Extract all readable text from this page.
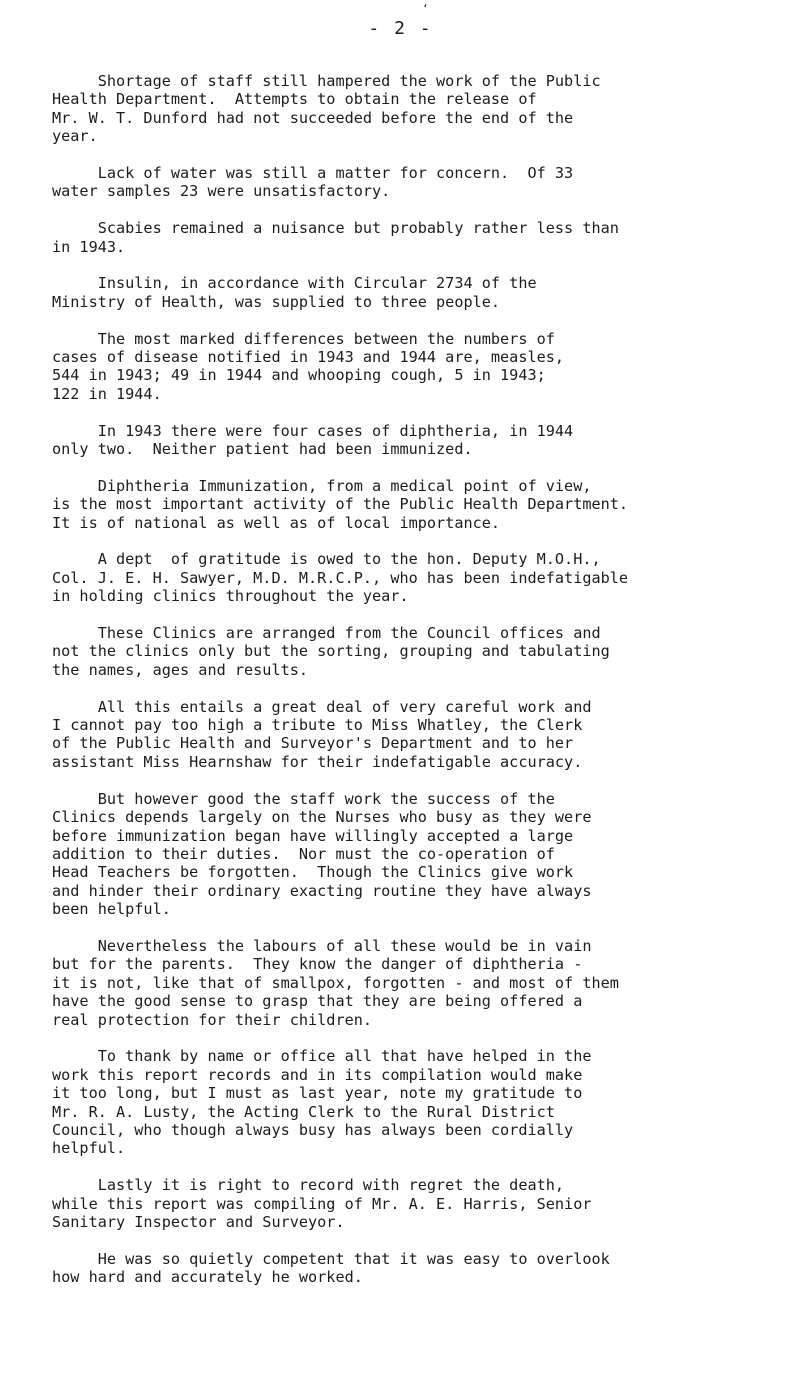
‘
- 2 -

Shortage of staff still hampered the work of the Public
Health Department.  Attempts to obtain the release of
Mr. W. T. Dunford had not succeeded before the end of the
year.

Lack of water was still a matter for concern.  Of 33
water samples 23 were unsatisfactory.

Scabies remained a nuisance but probably rather less than
in 1943.

Insulin, in accordance with Circular 2734 of the
Ministry of Health, was supplied to three people.

The most marked differences between the numbers of
cases of disease notified in 1943 and 1944 are, measles,
544 in 1943; 49 in 1944 and whooping cough, 5 in 1943;
122 in 1944.

In 1943 there were four cases of diphtheria, in 1944
only two.  Neither patient had been immunized.

Diphtheria Immunization, from a medical point of view,
is the most important activity of the Public Health Department.
It is of national as well as of local importance.

A dept  of gratitude is owed to the hon. Deputy M.O.H.,
Col. J. E. H. Sawyer, M.D. M.R.C.P., who has been indefatigable
in holding clinics throughout the year.

These Clinics are arranged from the Council offices and
not the clinics only but the sorting, grouping and tabulating
the names, ages and results.

All this entails a great deal of very careful work and
I cannot pay too high a tribute to Miss Whatley, the Clerk
of the Public Health and Surveyor's Department and to her
assistant Miss Hearnshaw for their indefatigable accuracy.

But however good the staff work the success of the
Clinics depends largely on the Nurses who busy as they were
before immunization began have willingly accepted a large
addition to their duties.  Nor must the co-operation of
Head Teachers be forgotten.  Though the Clinics give work
and hinder their ordinary exacting routine they have always
been helpful.

Nevertheless the labours of all these would be in vain
but for the parents.  They know the danger of diphtheria -
it is not, like that of smallpox, forgotten - and most of them
have the good sense to grasp that they are being offered a
real protection for their children.

To thank by name or office all that have helped in the
work this report records and in its compilation would make
it too long, but I must as last year, note my gratitude to
Mr. R. A. Lusty, the Acting Clerk to the Rural District
Council, who though always busy has always been cordially
helpful.

Lastly it is right to record with regret the death,
while this report was compiling of Mr. A. E. Harris, Senior
Sanitary Inspector and Surveyor.

He was so quietly competent that it was easy to overlook
how hard and accurately he worked.
